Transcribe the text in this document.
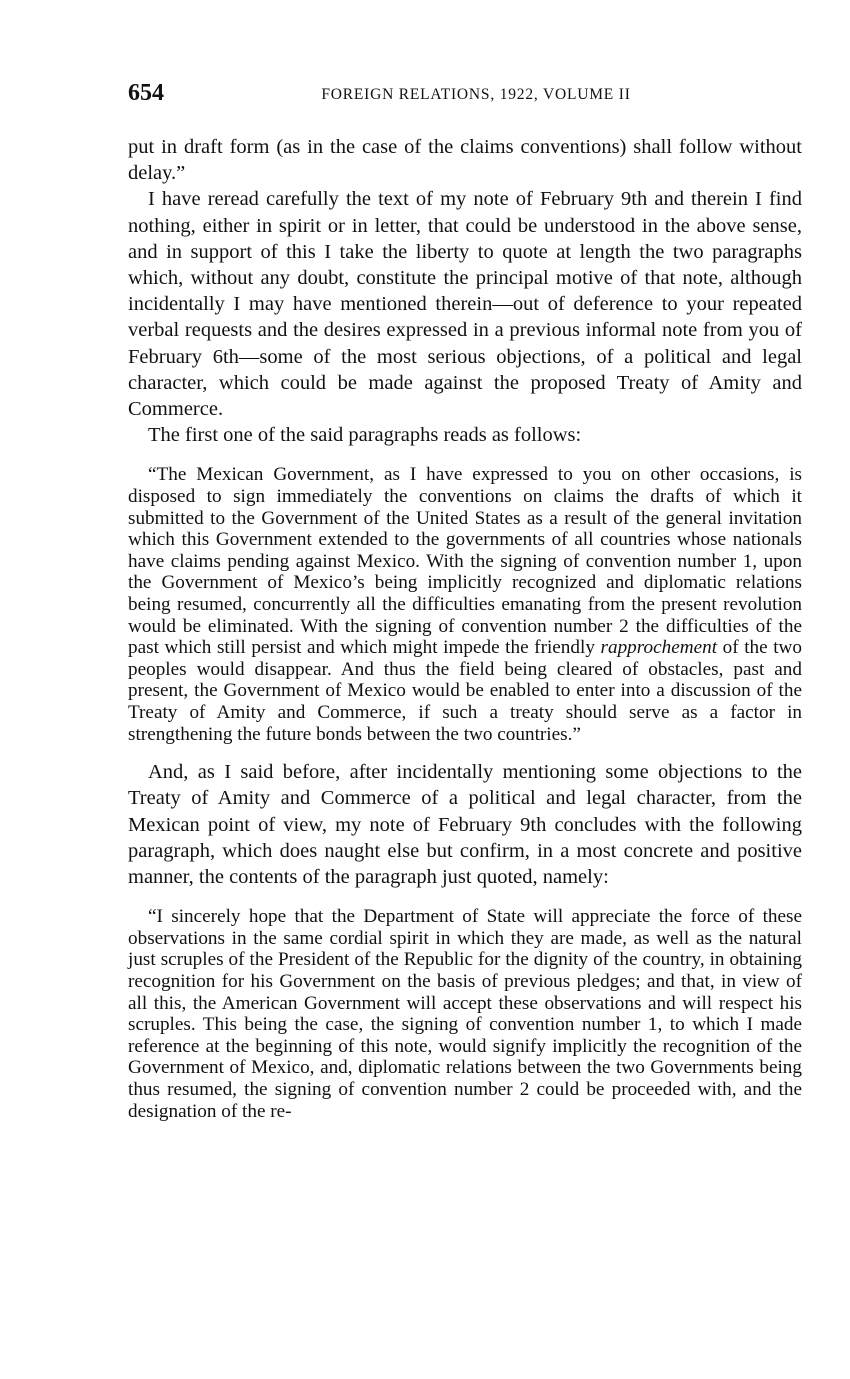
654	FOREIGN RELATIONS, 1922, VOLUME II

put in draft form (as in the case of the claims conventions) shall follow without delay.”

I have reread carefully the text of my note of February 9th and therein I find nothing, either in spirit or in letter, that could be understood in the above sense, and in support of this I take the liberty to quote at length the two paragraphs which, without any doubt, constitute the principal motive of that note, although incidentally I may have mentioned therein—out of deference to your repeated verbal requests and the desires expressed in a previous informal note from you of February 6th—some of the most serious objections, of a political and legal character, which could be made against the proposed Treaty of Amity and Commerce.

The first one of the said paragraphs reads as follows:

“The Mexican Government, as I have expressed to you on other occasions, is disposed to sign immediately the conventions on claims the drafts of which it submitted to the Government of the United States as a result of the general invitation which this Government extended to the governments of all countries whose nationals have claims pending against Mexico. With the signing of convention number 1, upon the Government of Mexico’s being implicitly recognized and diplomatic relations being resumed, concurrently all the difficulties emanating from the present revolution would be eliminated. With the signing of convention number 2 the difficulties of the past which still persist and which might impede the friendly rapprochement of the two peoples would disappear. And thus the field being cleared of obstacles, past and present, the Government of Mexico would be enabled to enter into a discussion of the Treaty of Amity and Commerce, if such a treaty should serve as a factor in strengthening the future bonds between the two countries.”

And, as I said before, after incidentally mentioning some objections to the Treaty of Amity and Commerce of a political and legal character, from the Mexican point of view, my note of February 9th concludes with the following paragraph, which does naught else but confirm, in a most concrete and positive manner, the contents of the paragraph just quoted, namely:

“I sincerely hope that the Department of State will appreciate the force of these observations in the same cordial spirit in which they are made, as well as the natural just scruples of the President of the Republic for the dignity of the country, in obtaining recognition for his Government on the basis of previous pledges; and that, in view of all this, the American Government will accept these observations and will respect his scruples. This being the case, the signing of convention number 1, to which I made reference at the beginning of this note, would signify implicitly the recognition of the Government of Mexico, and, diplomatic relations between the two Governments being thus resumed, the signing of convention number 2 could be proceeded with, and the designation of the re-
